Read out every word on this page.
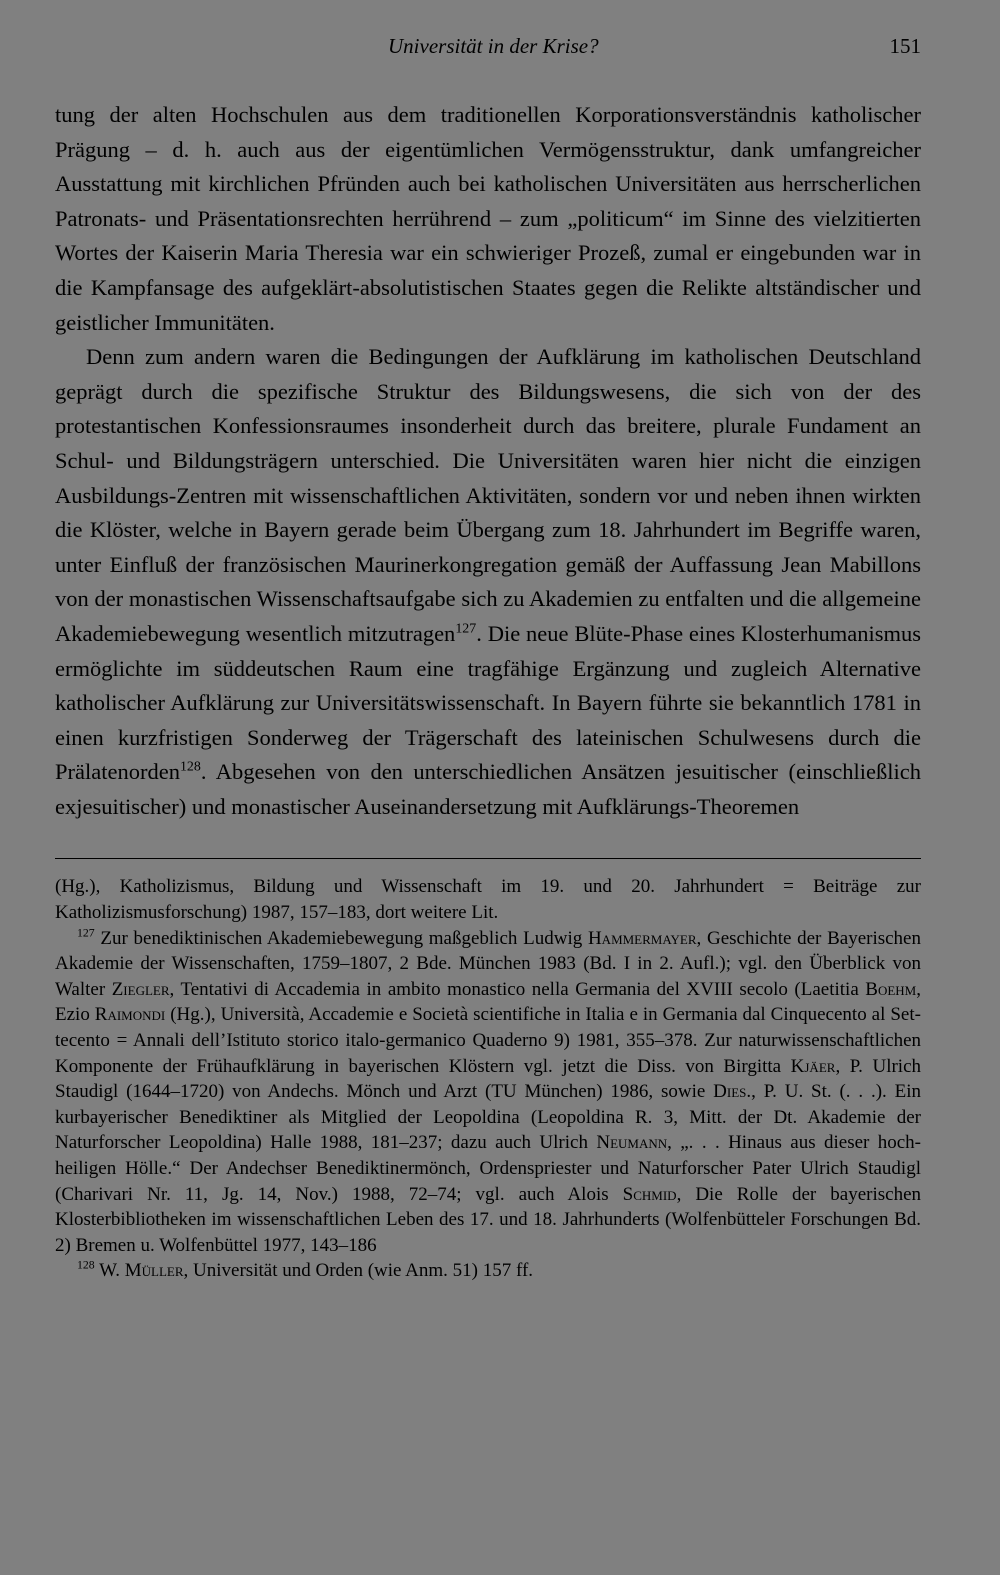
Universität in der Krise?	151

tung der alten Hochschulen aus dem traditionellen Korporationsverständnis katholischer Prägung – d. h. auch aus der eigentümlichen Vermögensstruktur, dank umfangreicher Ausstattung mit kirchlichen Pfründen auch bei katholischen Universitäten aus herrscherlichen Patronats- und Präsentationsrechten herrührend – zum „politicum“ im Sinne des vielzitierten Wortes der Kaiserin Maria Theresia war ein schwieriger Prozeß, zumal er eingebunden war in die Kampfansage des aufgeklärt-absolutistischen Staates gegen die Relikte altständischer und geistlicher Immunitäten.

Denn zum andern waren die Bedingungen der Aufklärung im katholischen Deutschland geprägt durch die spezifische Struktur des Bildungswesens, die sich von der des protestantischen Konfessionsraumes insonderheit durch das breitere, plurale Fundament an Schul- und Bildungsträgern unterschied. Die Universitäten waren hier nicht die einzigen Ausbildungs-Zentren mit wissenschaftlichen Aktivitäten, sondern vor und neben ihnen wirkten die Klöster, welche in Bayern gerade beim Übergang zum 18. Jahrhundert im Begriffe waren, unter Einfluß der französischen Maurinerkongregation gemäß der Auffassung Jean Mabillons von der monastischen Wissenschaftsaufgabe sich zu Akademien zu entfalten und die allgemeine Akademiebewegung wesentlich mitzutragen$^{127}$. Die neue Blüte-Phase eines Klosterhumanismus ermöglichte im süddeutschen Raum eine tragfähige Ergänzung und zugleich Alternative katholischer Aufklärung zur Universitätswissenschaft. In Bayern führte sie bekanntlich 1781 in einen kurzfristigen Sonderweg der Trägerschaft des lateinischen Schulwesens durch die Prälatenorden$^{128}$. Abgesehen von den unterschiedlichen Ansätzen jesuitischer (einschließlich exjesuitischer) und monastischer Auseinandersetzung mit Aufklärungs-Theoremen

(Hg.), Katholizismus, Bildung und Wissenschaft im 19. und 20. Jahrhundert = Beiträge zur Katholizismusforschung) 1987, 157–183, dort weitere Lit.

$^{127}$ Zur benediktinischen Akademiebewegung maßgeblich Ludwig Hammermayer, Geschichte der Bayerischen Akademie der Wissenschaften, 1759–1807, 2 Bde. München 1983 (Bd. I in 2. Aufl.); vgl. den Überblick von Walter Ziegler, Tentativi di Accademia in ambito monastico nella Germania del XVIII secolo (Laetitia Boehm, Ezio Raimondi (Hg.), Università, Accademie e Società scientifiche in Italia e in Germania dal Cinquecento al Settecento = Annali dell’Istituto storico italo-germanico Quaderno 9) 1981, 355–378. Zur naturwissenschaftlichen Komponente der Frühaufklärung in bayerischen Klöstern vgl. jetzt die Diss. von Birgitta Kjäer, P. Ulrich Staudigl (1644–1720) von Andechs. Mönch und Arzt (TU München) 1986, sowie Dies., P. U. St. (. . .). Ein kurbayerischer Benediktiner als Mitglied der Leopoldina (Leopoldina R. 3, Mitt. der Dt. Akademie der Naturforscher Leopoldina) Halle 1988, 181–237; dazu auch Ulrich Neumann, „. . . Hinaus aus dieser hochheiligen Hölle.“ Der Andechser Benediktinermönch, Ordenspriester und Naturforscher Pater Ulrich Staudigl (Charivari Nr. 11, Jg. 14, Nov.) 1988, 72–74; vgl. auch Alois Schmid, Die Rolle der bayerischen Klosterbibliotheken im wissenschaftlichen Leben des 17. und 18. Jahrhunderts (Wolfenbütteler Forschungen Bd. 2) Bremen u. Wolfenbüttel 1977, 143–186

$^{128}$ W. Müller, Universität und Orden (wie Anm. 51) 157 ff.
